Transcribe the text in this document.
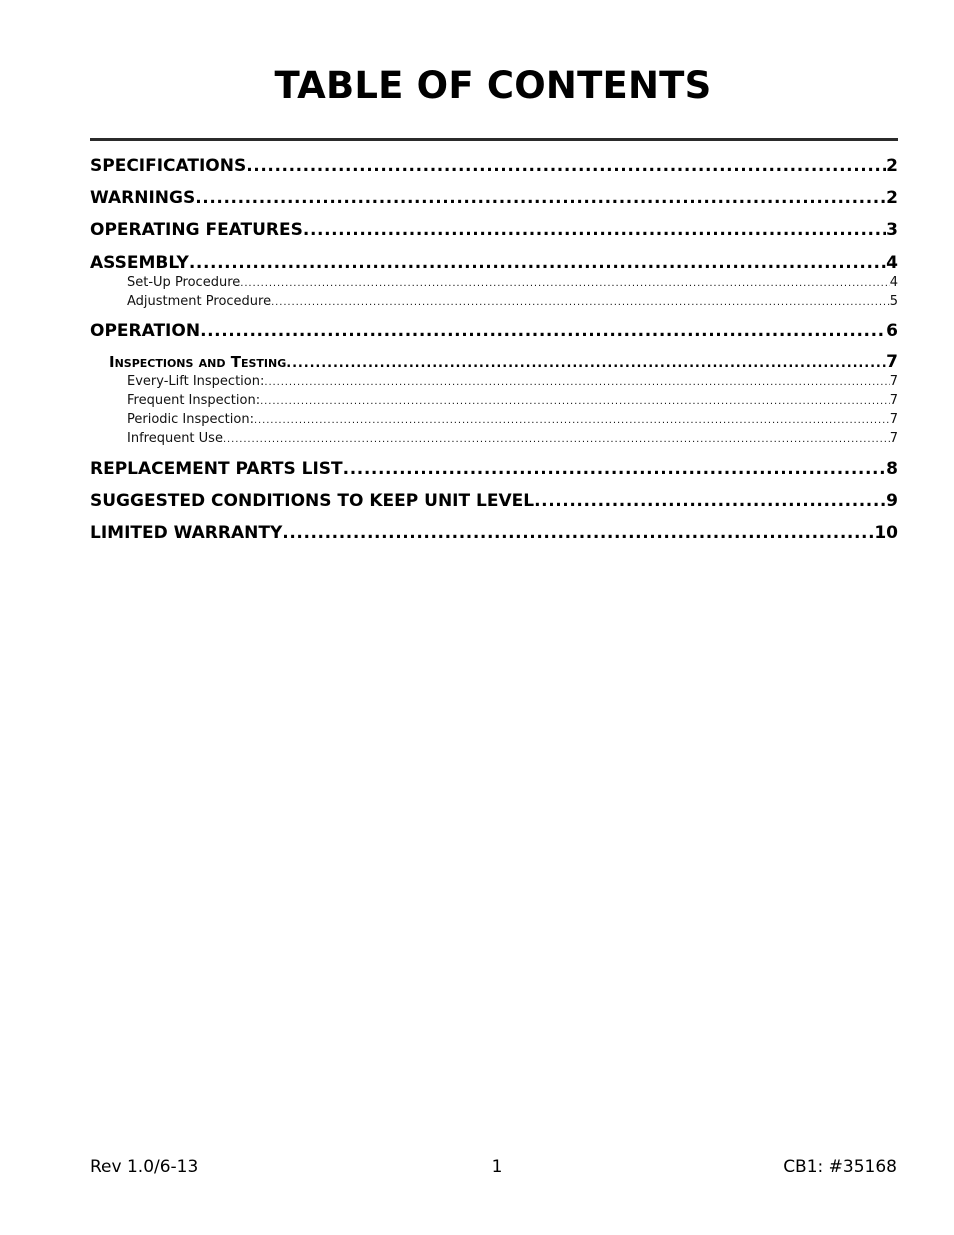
TABLE OF CONTENTS
SPECIFICATIONS .....	2
WARNINGS .....	2
OPERATING FEATURES .....	3
ASSEMBLY .....	4
Set-Up Procedure .....	4
Adjustment Procedure .....	5
OPERATION .....	6
Inspections and Testing .....	7
Every-Lift Inspection: .....	7
Frequent Inspection: .....	7
Periodic Inspection: .....	7
Infrequent Use .....	7
REPLACEMENT PARTS LIST .....	8
SUGGESTED CONDITIONS TO KEEP UNIT LEVEL .....	9
LIMITED WARRANTY .....	10
Rev 1.0/6-13	1	CB1: #35168
